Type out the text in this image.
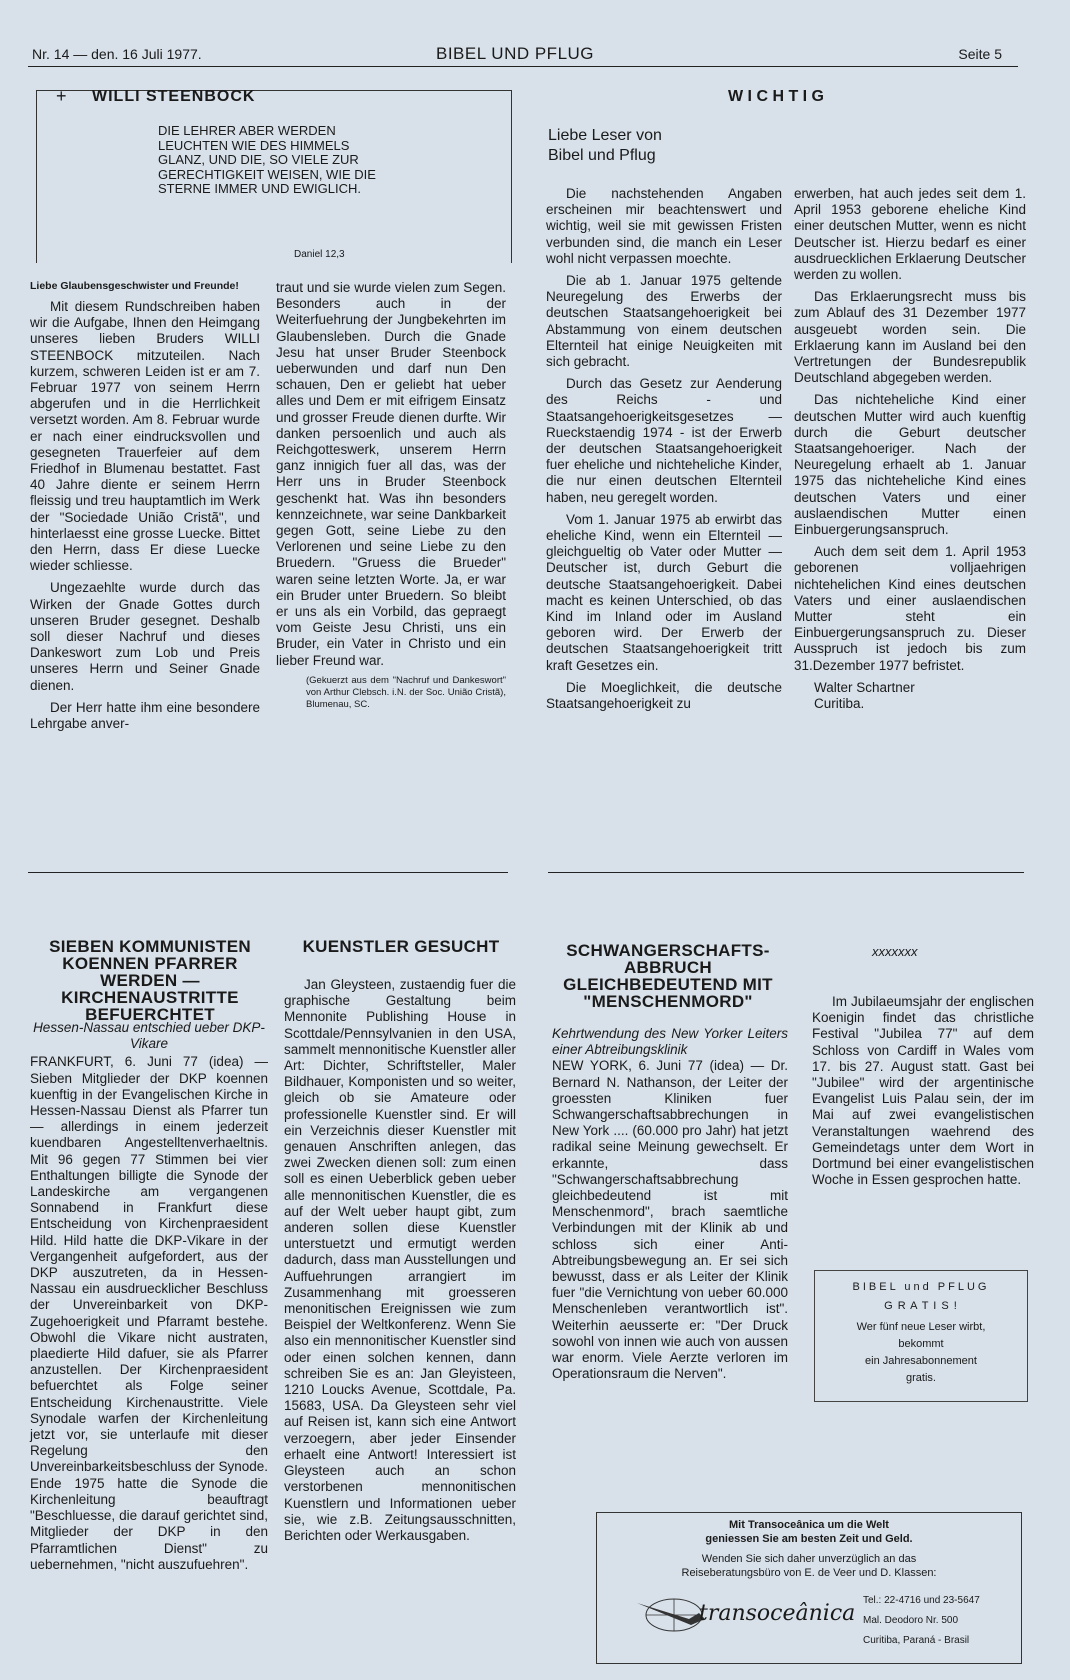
Nr. 14 — den. 16 Juli 1977.	BIBEL UND PFLUG	Seite 5
+ WILLI STEENBOCK
DIE LEHRER ABER WERDEN LEUCHTEN WIE DES HIMMELS GLANZ, UND DIE, SO VIELE ZUR GERECHTIGKEIT WEISEN, WIE DIE STERNE IMMER UND EWIGLICH.
Daniel 12,3
Liebe Glaubensgeschwister und Freunde!

Mit diesem Rundschreiben haben wir die Aufgabe, Ihnen den Heimgang unseres lieben Bruders WILLI STEENBOCK mitzuteilen. Nach kurzem, schweren Leiden ist er am 7. Februar 1977 von seinem Herrn abgerufen und in die Herrlichkeit versetzt worden. Am 8. Februar wurde er nach einer eindrucksvollen und gesegneten Trauerfeier auf dem Friedhof in Blumenau bestattet. Fast 40 Jahre diente er seinem Herrn fleissig und treu hauptamtlich im Werk der "Sociedade União Cristã", und hinterlaesst eine grosse Luecke. Bittet den Herrn, dass Er diese Luecke wieder schliesse.

Ungezaehlte wurde durch das Wirken der Gnade Gottes durch unseren Bruder gesegnet. Deshalb soll dieser Nachruf und dieses Dankeswort zum Lob und Preis unseres Herrn und Seiner Gnade dienen.

Der Herr hatte ihm eine besondere Lehrgabe anver-

traut und sie wurde vielen zum Segen. Besonders auch in der Weiterfuehrung der Jungbekehrten im Glaubensleben. Durch die Gnade Jesu hat unser Bruder Steenbock ueberwunden und darf nun Den schauen, Den er geliebt hat ueber alles und Dem er mit eifrigem Einsatz und grosser Freude dienen durfte. Wir danken persoenlich und auch als Reichgotteswerk, unserem Herrn ganz innigich fuer all das, was der Herr uns in Bruder Steenbock geschenkt hat. Was ihn besonders kennzeichnete, war seine Dankbarkeit gegen Gott, seine Liebe zu den Verlorenen und seine Liebe zu den Bruedern. "Gruess die Brueder" waren seine letzten Worte. Ja, er war ein Bruder unter Bruedern. So bleibt er uns als ein Vorbild, das gepraegt vom Geiste Jesu Christi, uns ein Bruder, ein Vater in Christo und ein lieber Freund war.

(Gekuerzt aus dem "Nachruf und Dankeswort" von Arthur Clebsch. i.N. der Soc. União Cristã), Blumenau, SC.
W I C H T I G
Liebe Leser von Bibel und Pflug

Die nachstehenden Angaben erscheinen mir beachtenswert und wichtig, weil sie mit gewissen Fristen verbunden sind, die manch ein Leser wohl nicht verpassen moechte.

Die ab 1. Januar 1975 geltende Neuregelung des Erwerbs der deutschen Staatsangehoerigkeit bei Abstammung von einem deutschen Elternteil hat einige Neuigkeiten mit sich gebracht.

Durch das Gesetz zur Aenderung des Reichs - und Staatsangehoerigkeitsgesetzes — Rueckstaendig 1974 - ist der Erwerb der deutschen Staatsangehoerigkeit fuer eheliche und nichteheliche Kinder, die nur einen deutschen Elternteil haben, neu geregelt worden.

Vom 1. Januar 1975 ab erwirbt das eheliche Kind, wenn ein Elternteil — gleichgueltig ob Vater oder Mutter — Deutscher ist, durch Geburt die deutsche Staatsangehoerigkeit. Dabei macht es keinen Unterschied, ob das Kind im Inland oder im Ausland geboren wird. Der Erwerb der deutschen Staatsangehoerigkeit tritt kraft Gesetzes ein.

Die Moeglichkeit, die deutsche Staatsangehoerigkeit zu

erwerben, hat auch jedes seit dem 1. April 1953 geborene eheliche Kind einer deutschen Mutter, wenn es nicht Deutscher ist. Hierzu bedarf es einer ausdruecklichen Erklaerung Deutscher werden zu wollen.

Das Erklaerungsrecht muss bis zum Ablauf des 31 Dezember 1977 ausgeuebt worden sein. Die Erklaerung kann im Ausland bei den Vertretungen der Bundesrepublik Deutschland abgegeben werden.

Das nichteheliche Kind einer deutschen Mutter wird auch kuenftig durch die Geburt deutscher Staatsangehoeriger. Nach der Neuregelung erhaelt ab 1. Januar 1975 das nichteheliche Kind eines deutschen Vaters und einer auslaendischen Mutter einen Einbuergerungsanspruch.

Auch dem seit dem 1. April 1953 geborenen volljaehrigen nichtehelichen Kind eines deutschen Vaters und einer auslaendischen Mutter steht ein Einbuergerungsanspruch zu. Dieser Ausspruch ist jedoch bis zum 31.Dezember 1977 befristet.

Walter Schartner
Curitiba.
SIEBEN KOMMUNISTEN KOENNEN PFARRER WERDEN — KIRCHENAUSTRITTE BEFUERCHTET
Hessen-Nassau entschied ueber DKP-Vikare

FRANKFURT, 6. Juni 77 (idea) — Sieben Mitglieder der DKP koennen kuenftig in der Evangelischen Kirche in Hessen-Nassau Dienst als Pfarrer tun — allerdings in einem jederzeit kuendbaren Angestelltenverhaeltnis. Mit 96 gegen 77 Stimmen bei vier Enthaltungen billigte die Synode der Landeskirche am vergangenen Sonnabend in Frankfurt diese Entscheidung von Kirchenpraesident Hild. Hild hatte die DKP-Vikare in der Vergangenheit aufgefordert, aus der DKP auszutreten, da in Hessen-Nassau ein ausdruecklicher Beschluss der Unvereinbarkeit von DKP-Zugehoerigkeit und Pfarramt bestehe. Obwohl die Vikare nicht austraten, plaedierte Hild dafuer, sie als Pfarrer anzustellen. Der Kirchenpraesident befuerchtet als Folge seiner Entscheidung Kirchenaustritte. Viele Synodale warfen der Kirchenleitung jetzt vor, sie unterlaufe mit dieser Regelung den Unvereinbarkeitsbeschluss der Synode. Ende 1975 hatte die Synode die Kirchenleitung beauftragt "Beschluesse, die darauf gerichtet sind, Mitglieder der DKP in den Pfarramtlichen Dienst" zu uebernehmen, "nicht auszufuehren".

KUENSTLER GESUCHT

Jan Gleysteen, zustaendig fuer die graphische Gestaltung beim Mennonite Publishing House in Scottdale/Pennsylvanien in den USA, sammelt mennonitische Kuenstler aller Art: Dichter, Schriftsteller, Maler Bildhauer, Komponisten und so weiter, gleich ob sie Amateure oder professionelle Kuenstler sind. Er will ein Verzeichnis dieser Kuenstler mit genauen Anschriften anlegen, das zwei Zwecken dienen soll: zum einen soll es einen Ueberblick geben ueber alle mennonitischen Kuenstler, die es auf der Welt ueber haupt gibt, zum anderen sollen diese Kuenstler unterstuetzt und ermutigt werden dadurch, dass man Ausstellungen und Auffuehrungen arrangiert im Zusammenhang mit groesseren menonitischen Ereignissen wie zum Beispiel der Weltkonferenz. Wenn Sie also ein mennonitischer Kuenstler sind oder einen solchen kennen, dann schreiben Sie es an: Jan Gleyisteen, 1210 Loucks Avenue, Scottdale, Pa. 15683, USA. Da Gleysteen sehr viel auf Reisen ist, kann sich eine Antwort verzoegern, aber jeder Einsender erhaelt eine Antwort! Interessiert ist Gleysteen auch an schon verstorbenen mennonitischen Kuenstlern und Informationen ueber sie, wie z.B. Zeitungsausschnitten, Berichten oder Werkausgaben.

SCHWANGERSCHAFTS-ABBRUCH GLEICHBEDEUTEND MIT "MENSCHENMORD"
Kehrtwendung des New Yorker Leiters einer Abtreibungsklinik

NEW YORK, 6. Juni 77 (idea) — Dr. Bernard N. Nathanson, der Leiter der groessten Kliniken fuer Schwangerschaftsabbrechungen in New York .... (60.000 pro Jahr) hat jetzt radikal seine Meinung gewechselt. Er erkannte, dass "Schwangerschaftsabbrechung gleichbedeutend ist mit Menschenmord", brach saemtliche Verbindungen mit der Klinik ab und schloss sich einer Anti-Abtreibungsbewegung an. Er sei sich bewusst, dass er als Leiter der Klinik fuer "die Vernichtung von ueber 60.000 Menschenleben verantwortlich ist". Weiterhin aeusserte er: "Der Druck sowohl von innen wie auch von aussen war enorm. Viele Aerzte verloren im Operationsraum die Nerven".

xxxxxxx

Im Jubilaeumsjahr der englischen Koenigin findet das christliche Festival "Jubilea 77" auf dem Schloss von Cardiff in Wales vom 17. bis 27. August statt. Gast bei "Jubilee" wird der argentinische Evangelist Luis Palau sein, der im Mai auf zwei evangelistischen Veranstaltungen waehrend des Gemeindetags unter dem Wort in Dortmund bei einer evangelistischen Woche in Essen gesprochen hatte.

BIBEL und PFLUG
G R A T I S !
Wer fünf neue Leser wirbt,
bekommt
ein Jahresabonnement
gratis.
Mit Transoceânica um die Welt
geniessen Sie am besten Zeit und Geld.
Wenden Sie sich daher unverzüglich an das
Reiseberatungsbüro von E. de Veer und D. Klassen:
transoceânica
Tel.: 22-4716 und 23-5647
Mal. Deodoro Nr. 500
Curitiba, Paraná - Brasil
